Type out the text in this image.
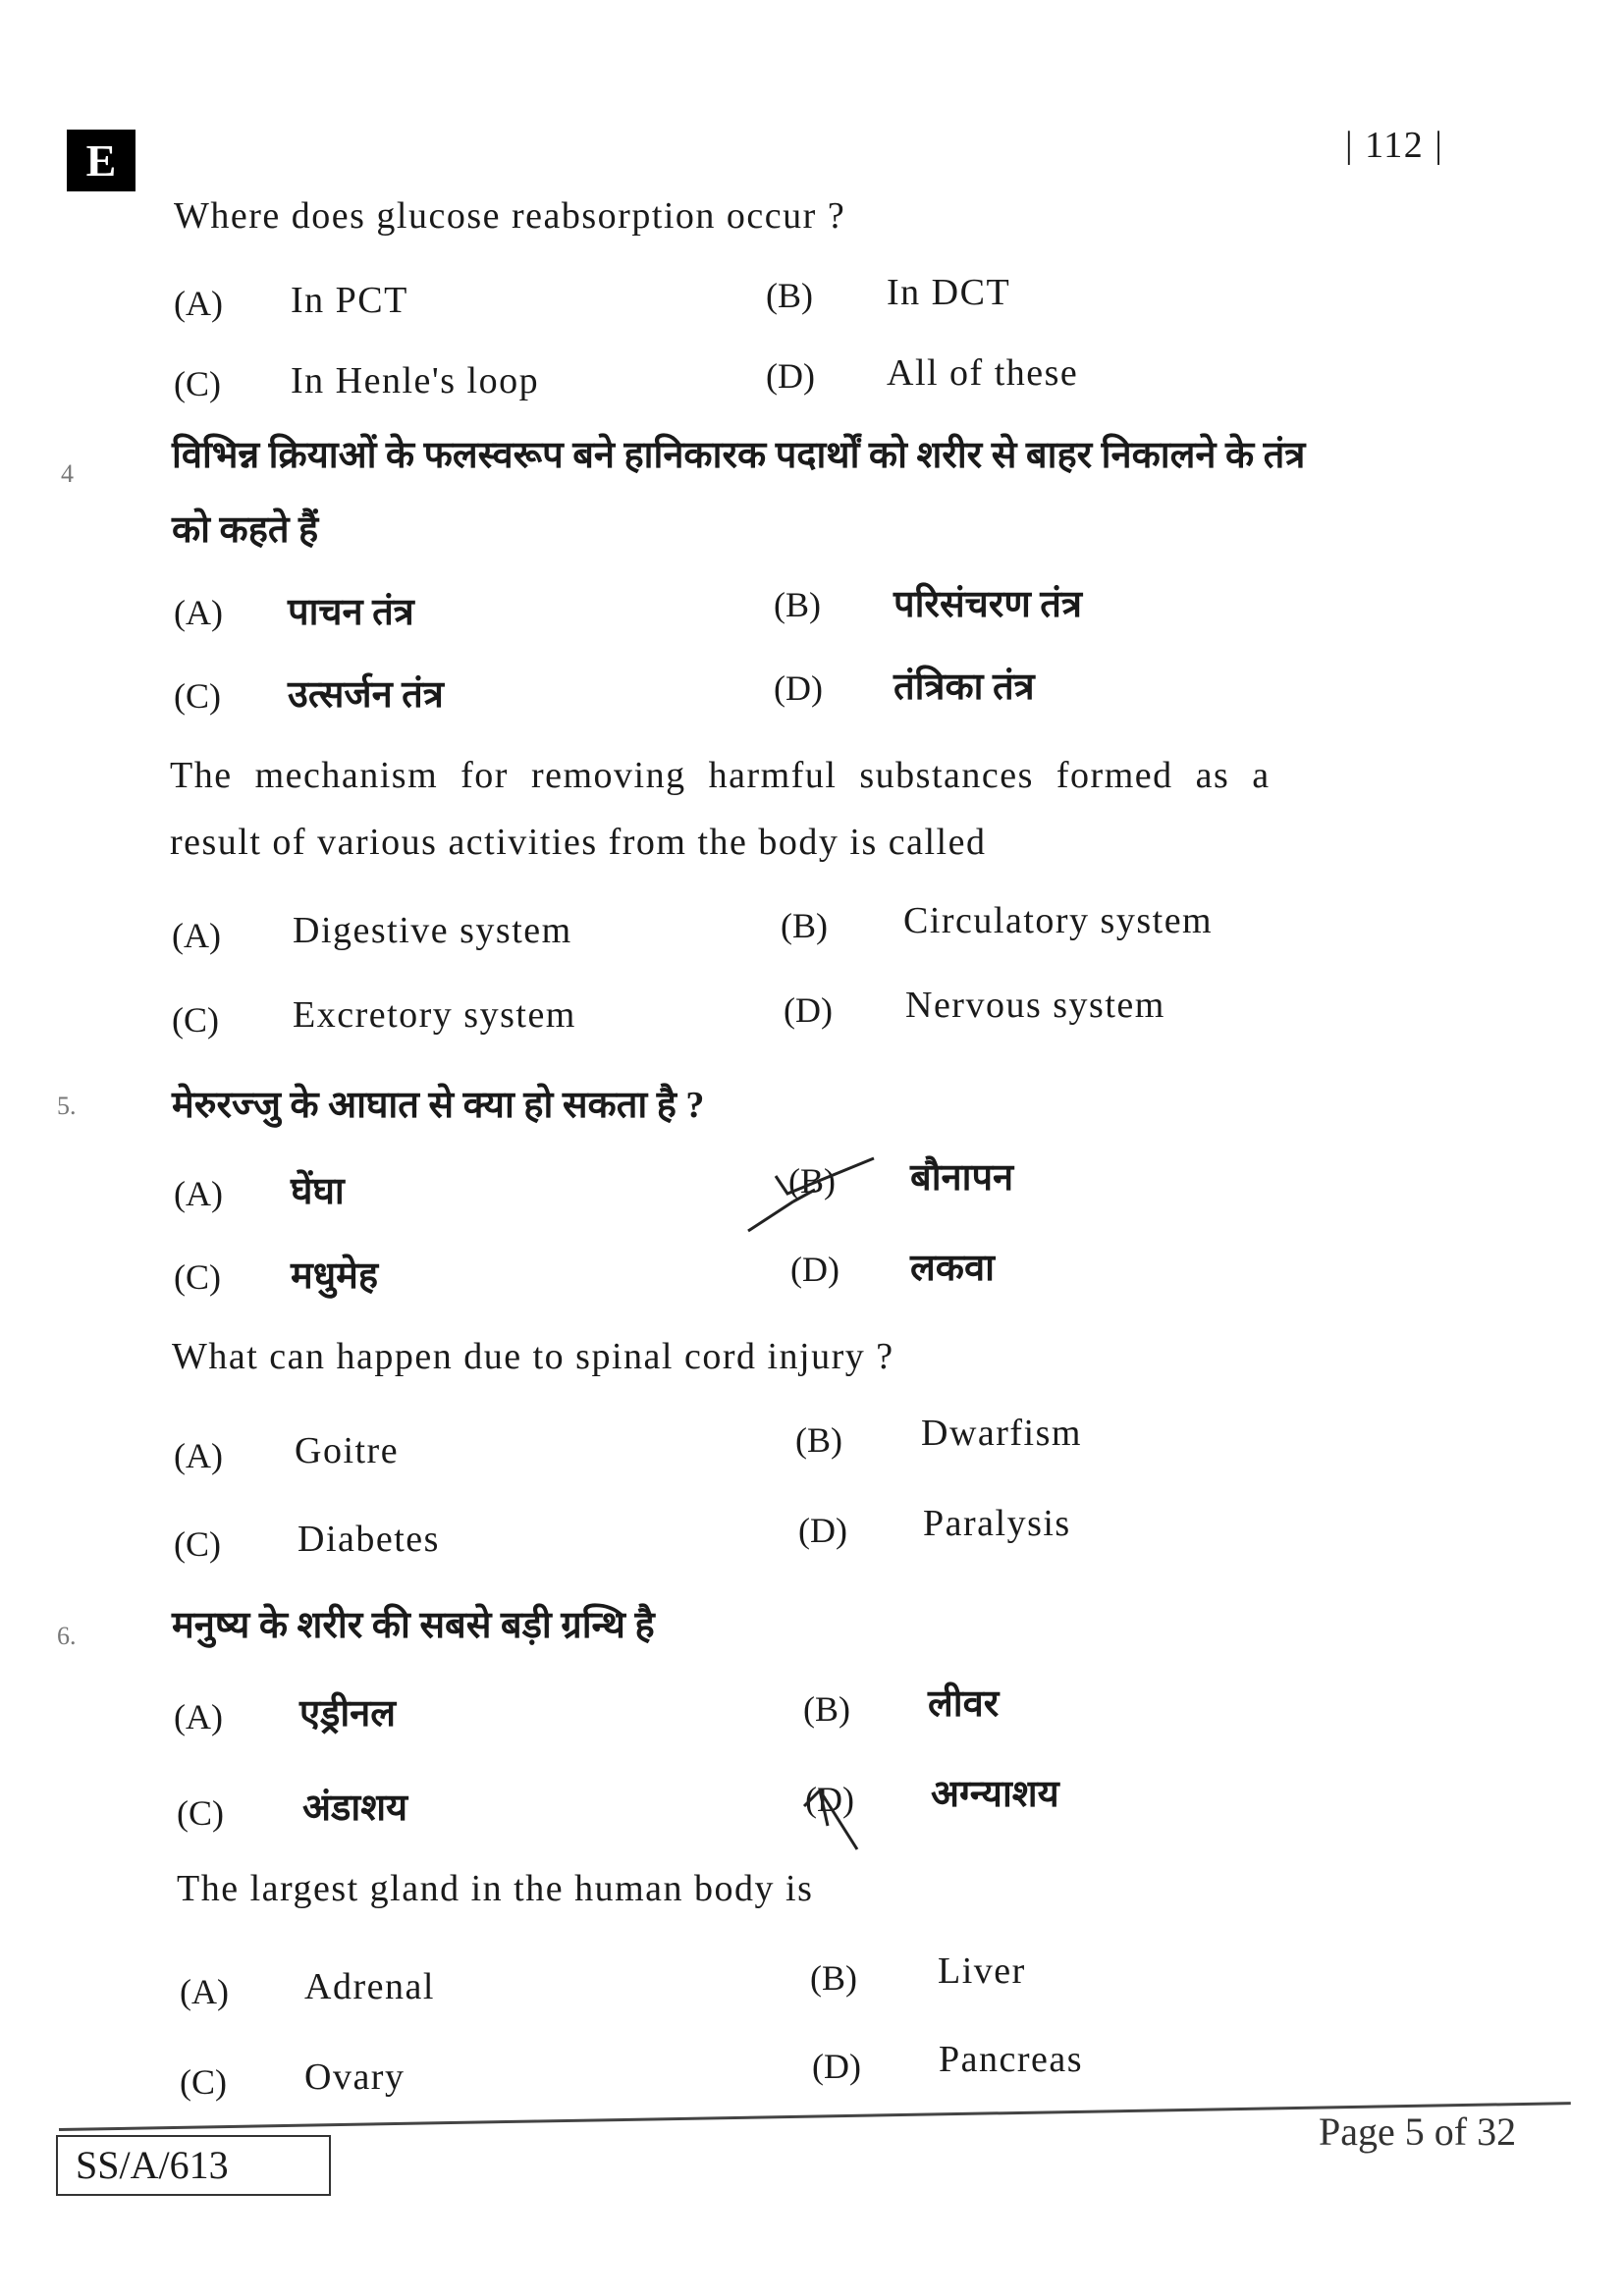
E	| 112 |
Where does glucose reabsorption occur ?
(A) In PCT	(B) In DCT
(C) In Henle's loop	(D) All of these
4	विभिन्न क्रियाओं के फलस्वरूप बने हानिकारक पदार्थों को शरीर से बाहर निकालने के तंत्र
को कहते हैं
(A) पाचन तंत्र	(B) परिसंचरण तंत्र
(C) उत्सर्जन तंत्र	(D) तंत्रिका तंत्र
The mechanism for removing harmful substances formed as a
result of various activities from the body is called
(A) Digestive system	(B) Circulatory system
(C) Excretory system	(D) Nervous system
5.	मेरुरज्जु के आघात से क्या हो सकता है ?
(A) घेंघा	(B) बौनापन
(C) मधुमेह	(D) लकवा
What can happen due to spinal cord injury ?
(A) Goitre	(B) Dwarfism
(C) Diabetes	(D) Paralysis
6.	मनुष्य के शरीर की सबसे बड़ी ग्रन्थि है
(A) एड्रीनल	(B) लीवर
(C) अंडाशय	(D) अग्न्याशय
The largest gland in the human body is
(A) Adrenal	(B) Liver
(C) Ovary	(D) Pancreas
SS/A/613
Page 5 of 32
